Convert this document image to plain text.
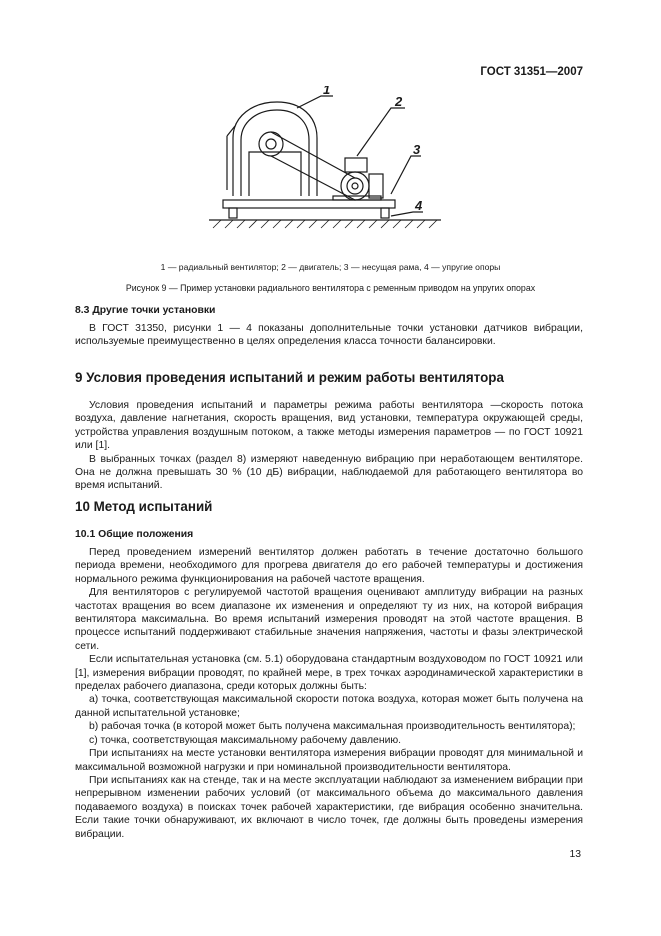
ГОСТ 31351—2007
1
2
3
4
1 — радиальный вентилятор; 2 — двигатель; 3 — несущая рама, 4 — упругие опоры
Рисунок 9 — Пример установки радиального вентилятора с ременным приводом на упругих опорах
8.3 Другие точки установки

В ГОСТ 31350, рисунки 1 — 4 показаны дополнительные точки установки датчиков вибрации, используемые преимущественно в целях определения класса точности балансировки.

9 Условия проведения испытаний и режим работы вентилятора

Условия проведения испытаний и параметры режима работы вентилятора —скорость потока воздуха, давление нагнетания, скорость вращения, вид установки, температура окружающей среды, устройства управления воздушным потоком, а также методы измерения параметров — по ГОСТ 10921 или [1].

В выбранных точках (раздел 8) измеряют наведенную вибрацию при неработающем вентиляторе. Она не должна превышать 30 % (10 дБ) вибрации, наблюдаемой для работающего вентилятора во время испытаний.

10 Метод испытаний
10.1 Общие положения

Перед проведением измерений вентилятор должен работать в течение достаточно большого периода времени, необходимого для прогрева двигателя до его рабочей температуры и достижения нормального режима функционирования на рабочей частоте вращения.

Для вентиляторов с регулируемой частотой вращения оценивают амплитуду вибрации на разных частотах вращения во всем диапазоне их изменения и определяют ту из них, на которой вибрация вентилятора максимальна. Во время испытаний измерения проводят на этой частоте вращения. В процессе испытаний поддерживают стабильные значения напряжения, частоты и фазы электрической сети.

Если испытательная установка (см. 5.1) оборудована стандартным воздуховодом по ГОСТ 10921 или [1], измерения вибрации проводят, по крайней мере, в трех точках аэродинамической характеристики в пределах рабочего диапазона, среди которых должны быть:

а) точка, соответствующая максимальной скорости потока воздуха, которая может быть получена на данной испытательной установке;

b) рабочая точка (в которой может быть получена максимальная производительность вентилятора);

с) точка, соответствующая максимальному рабочему давлению.

При испытаниях на месте установки вентилятора измерения вибрации проводят для минимальной и максимальной возможной нагрузки и при номинальной производительности вентилятора.

При испытаниях как на стенде, так и на месте эксплуатации наблюдают за изменением вибрации при непрерывном изменении рабочих условий (от максимального объема до максимального давления подаваемого воздуха) в поисках точек рабочей характеристики, где вибрация особенно значительна. Если такие точки обнаруживают, их включают в число точек, где должны быть проведены измерения вибрации.

13
